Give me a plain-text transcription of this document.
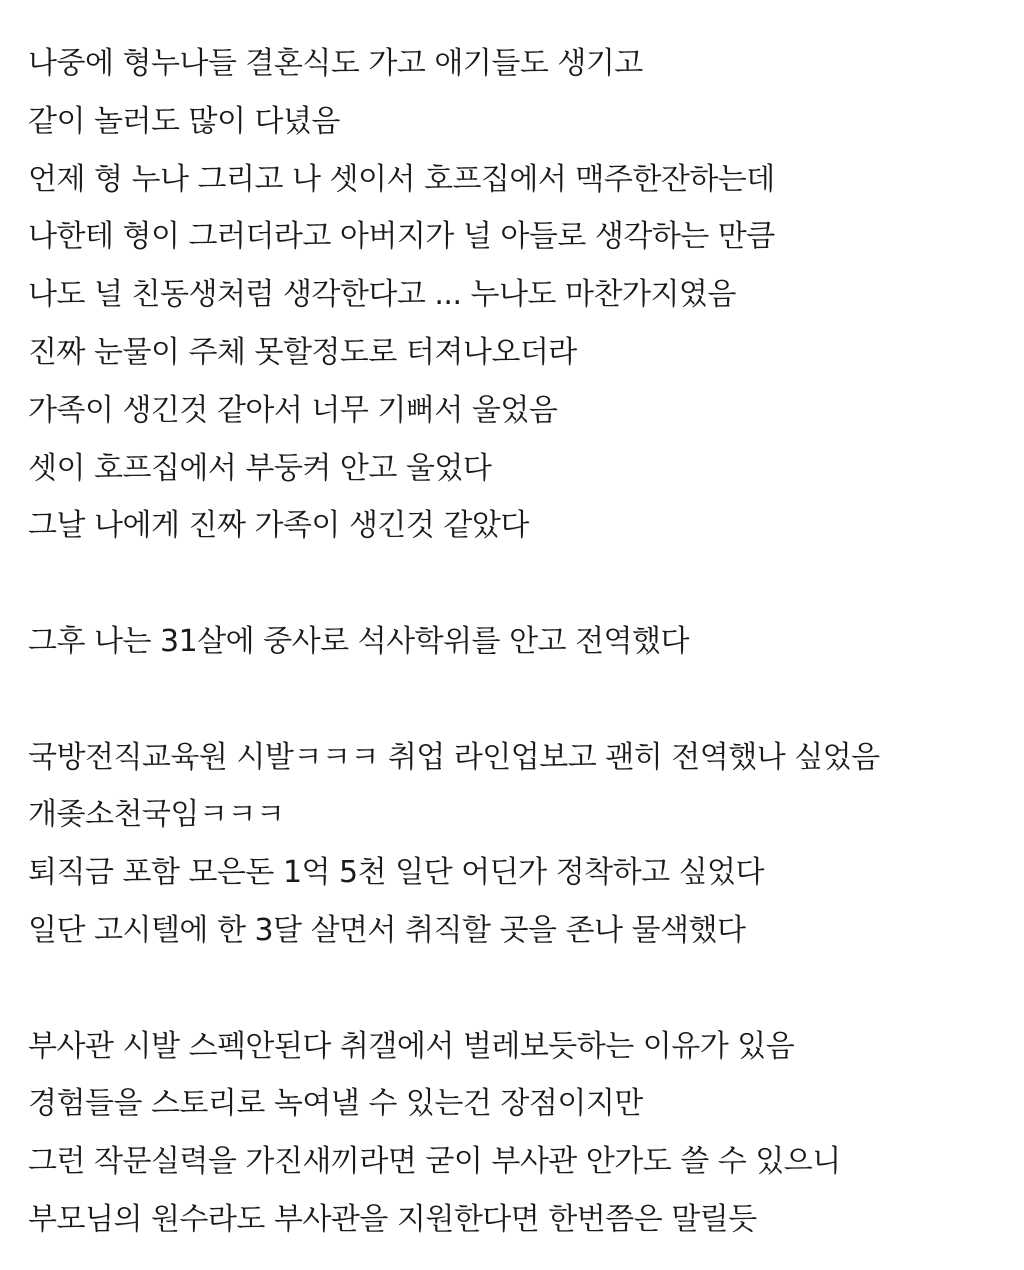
나중에 형누나들 결혼식도 가고 애기들도 생기고
같이 놀러도 많이 다녔음
언제 형 누나 그리고 나 셋이서 호프집에서 맥주한잔하는데
나한테 형이 그러더라고 아버지가 널 아들로 생각하는 만큼
나도 널 친동생처럼 생각한다고 ... 누나도 마찬가지였음
진짜 눈물이 주체 못할정도로 터져나오더라
가족이 생긴것 같아서 너무 기뻐서 울었음
셋이 호프집에서 부둥켜 안고 울었다
그날 나에게 진짜 가족이 생긴것 같았다
그후 나는 31살에 중사로 석사학위를 안고 전역했다
국방전직교육원 시발ㅋㅋㅋ 취업 라인업보고 괜히 전역했나 싶었음
개좆소천국임ㅋㅋㅋ
퇴직금 포함 모은돈 1억 5천 일단 어딘가 정착하고 싶었다
일단 고시텔에 한 3달 살면서 취직할 곳을 존나 물색했다
부사관 시발 스펙안된다 취갤에서 벌레보듯하는 이유가 있음
경험들을 스토리로 녹여낼 수 있는건 장점이지만
그런 작문실력을 가진새끼라면 굳이 부사관 안가도 쓸 수 있으니
부모님의 원수라도 부사관을 지원한다면 한번쯤은 말릴듯
